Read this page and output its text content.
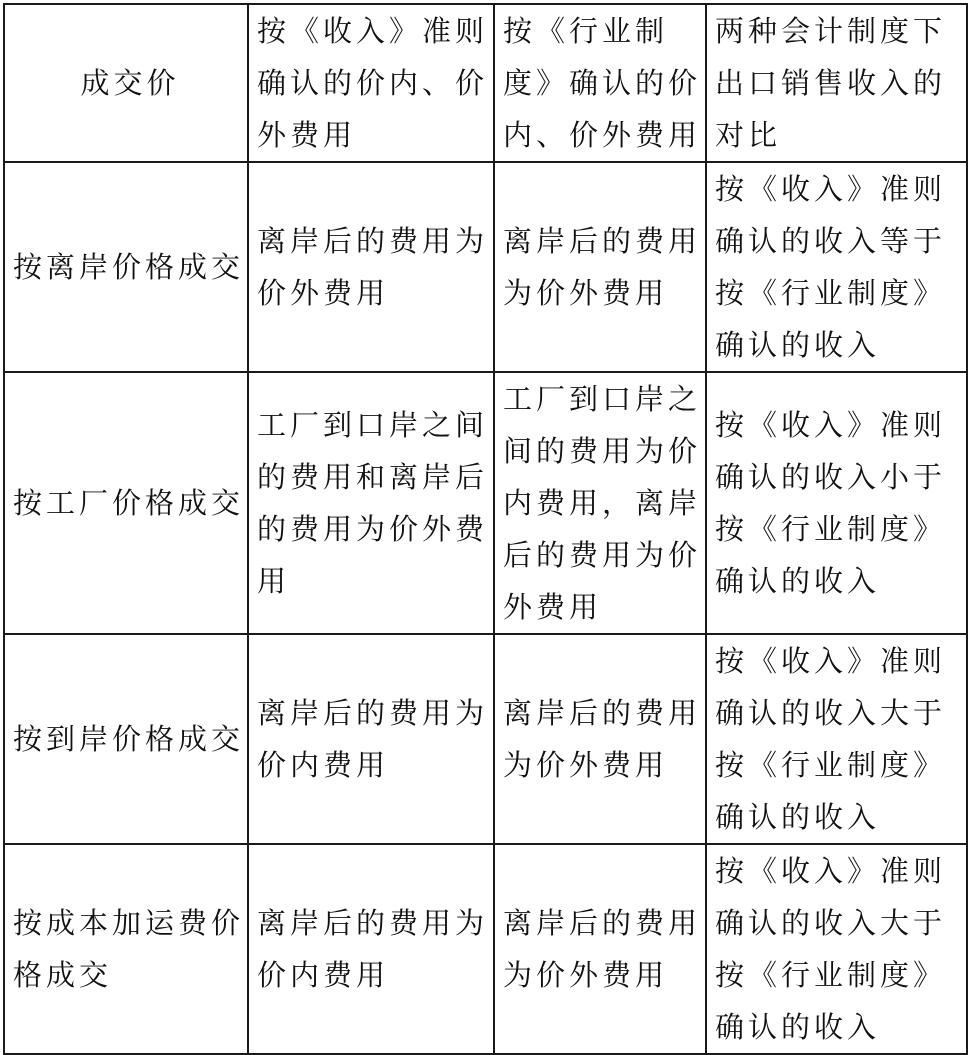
成交价	按《收入》准则确认的价内、价外费用	按《行业制度》确认的价内、价外费用	两种会计制度下出口销售收入的对比
按离岸价格成交	离岸后的费用为价外费用	离岸后的费用为价外费用	按《收入》准则确认的收入等于按《行业制度》确认的收入
按工厂价格成交	工厂到口岸之间的费用和离岸后的费用为价外费用	工厂到口岸之间的费用为价内费用，离岸后的费用为价外费用	按《收入》准则确认的收入小于按《行业制度》确认的收入
按到岸价格成交	离岸后的费用为价内费用	离岸后的费用为价外费用	按《收入》准则确认的收入大于按《行业制度》确认的收入
按成本加运费价格成交	离岸后的费用为价内费用	离岸后的费用为价外费用	按《收入》准则确认的收入大于按《行业制度》确认的收入
